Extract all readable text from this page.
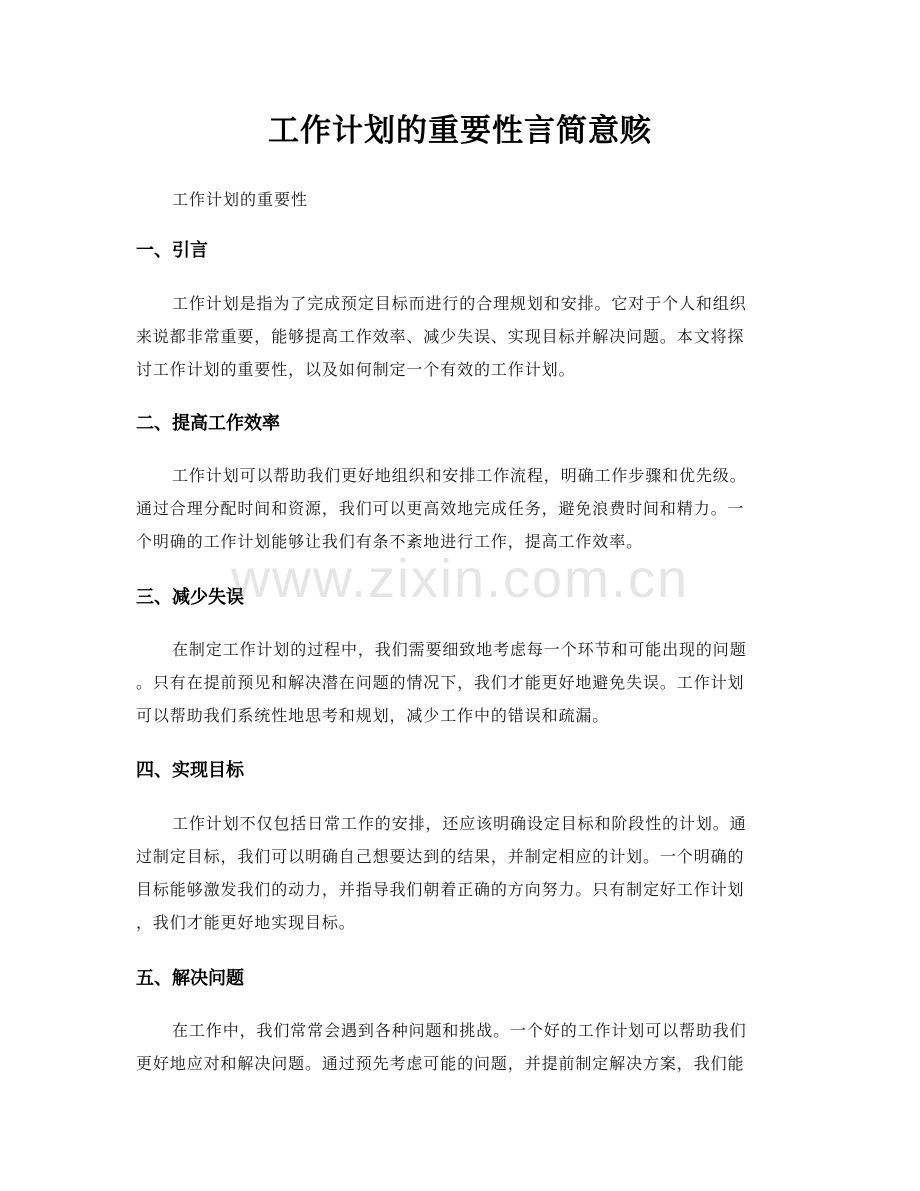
工作计划的重要性言简意赅
工作计划的重要性
一、引言
工作计划是指为了完成预定目标而进行的合理规划和安排。它对于个人和组织
来说都非常重要，能够提高工作效率、减少失误、实现目标并解决问题。本文将探
讨工作计划的重要性，以及如何制定一个有效的工作计划。
二、提高工作效率
工作计划可以帮助我们更好地组织和安排工作流程，明确工作步骤和优先级。
通过合理分配时间和资源，我们可以更高效地完成任务，避免浪费时间和精力。一
个明确的工作计划能够让我们有条不紊地进行工作，提高工作效率。
三、减少失误
在制定工作计划的过程中，我们需要细致地考虑每一个环节和可能出现的问题
。只有在提前预见和解决潜在问题的情况下，我们才能更好地避免失误。工作计划
可以帮助我们系统性地思考和规划，减少工作中的错误和疏漏。
四、实现目标
工作计划不仅包括日常工作的安排，还应该明确设定目标和阶段性的计划。通
过制定目标，我们可以明确自己想要达到的结果，并制定相应的计划。一个明确的
目标能够激发我们的动力，并指导我们朝着正确的方向努力。只有制定好工作计划
，我们才能更好地实现目标。
五、解决问题
在工作中，我们常常会遇到各种问题和挑战。一个好的工作计划可以帮助我们
更好地应对和解决问题。通过预先考虑可能的问题，并提前制定解决方案，我们能
www.zixin.com.cn
